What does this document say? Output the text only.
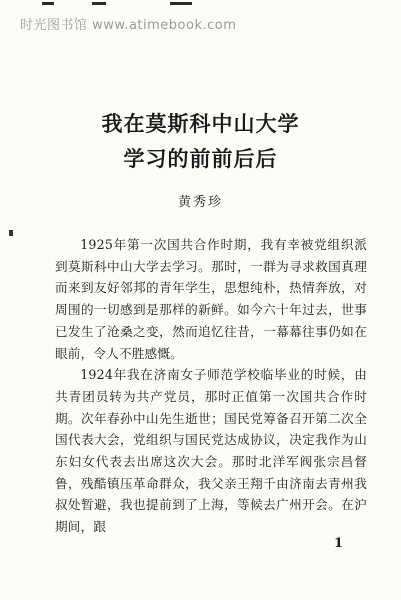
时光图书馆 www.atimebook.com
我在莫斯科中山大学
学习的前前后后
黄秀珍

1925年第一次国共合作时期，我有幸被党组织派到莫斯科中山大学去学习。那时，一群为寻求救国真理而来到友好邻邦的青年学生，思想纯朴，热情奔放，对周围的一切感到是那样的新鲜。如今六十年过去，世事已发生了沧桑之变，然而追忆往昔，一幕幕往事仍如在眼前，令人不胜感慨。

1924年我在济南女子师范学校临毕业的时候，由共青团员转为共产党员，那时正值第一次国共合作时期。次年春孙中山先生逝世；国民党筹备召开第二次全国代表大会，党组织与国民党达成协议，决定我作为山东妇女代表去出席这次大会。那时北洋军阀张宗昌督鲁，残酷镇压革命群众，我父亲王翔千由济南去青州我叔处暂避，我也提前到了上海，等候去广州开会。在沪期间，跟

1
